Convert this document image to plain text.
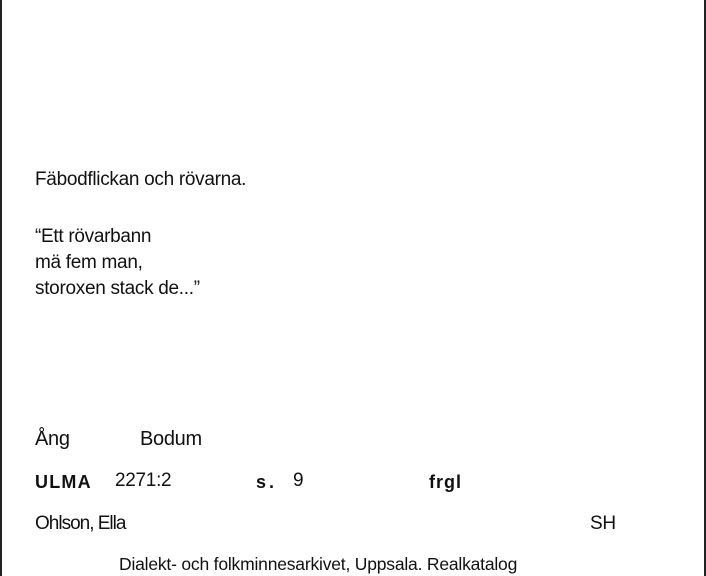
Fäbodflickan och rövarna.
“Ett rövarbann
mä fem man,
storoxen stack de...”
Ång	Bodum
ULMA 2271:2	s. 9	frgl
Ohlson, Ella	SH
Dialekt- och folkminnesarkivet, Uppsala. Realkatalog
